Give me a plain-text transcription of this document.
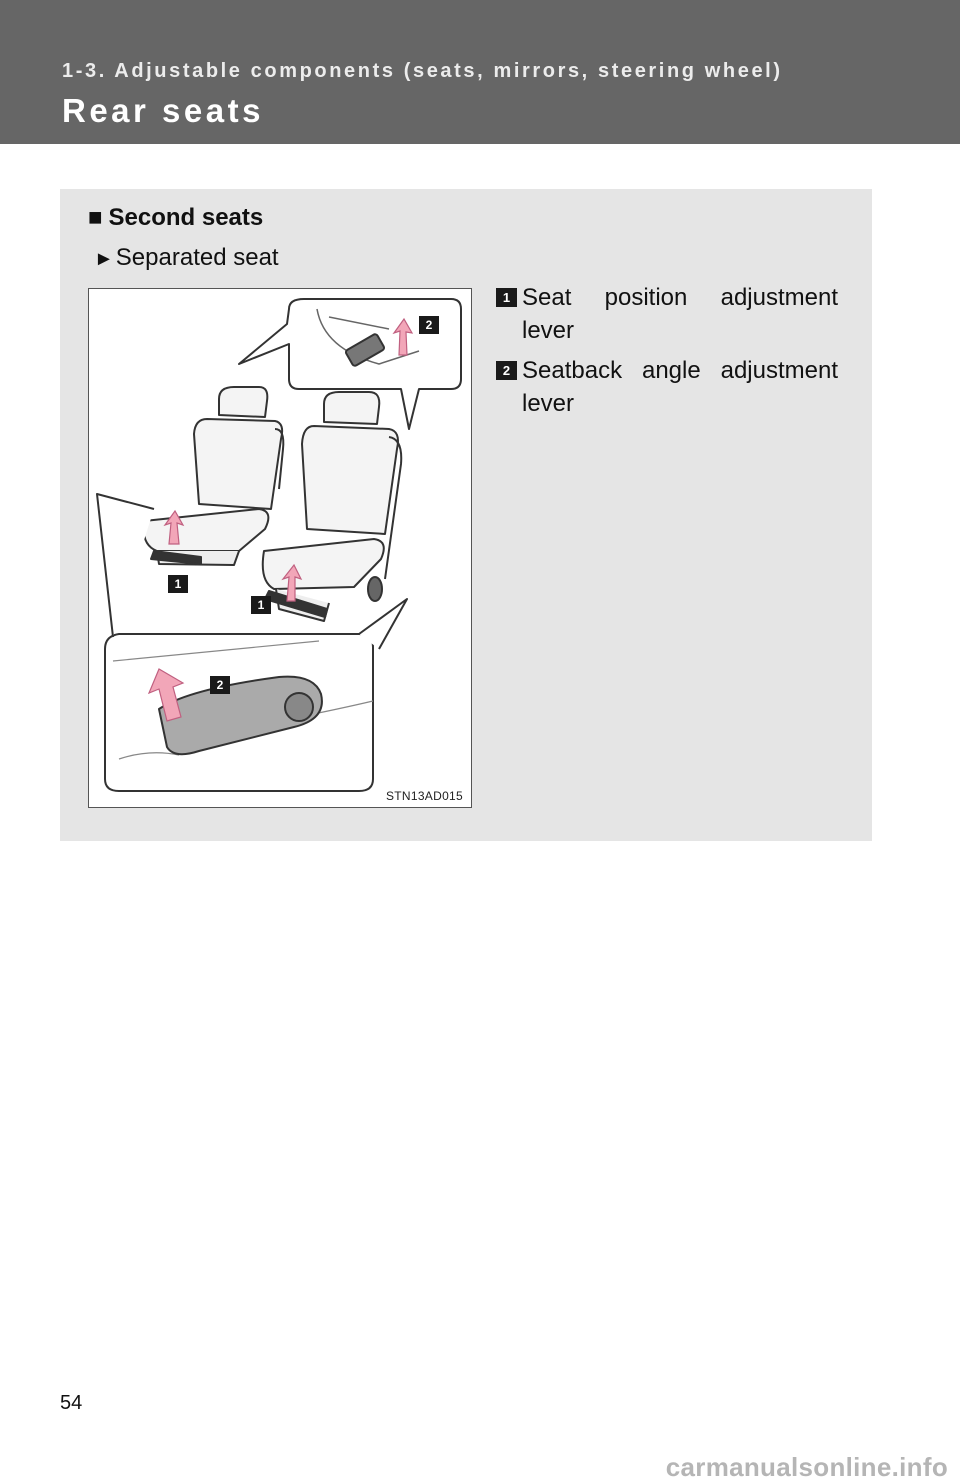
1-3. Adjustable components (seats, mirrors, steering wheel)
Rear seats
■ Second seats
►Separated seat
1
1
2
2
STN13AD015
1 Seat position adjustment lever
2 Seatback angle adjustment lever
54
carmanualsonline.info
